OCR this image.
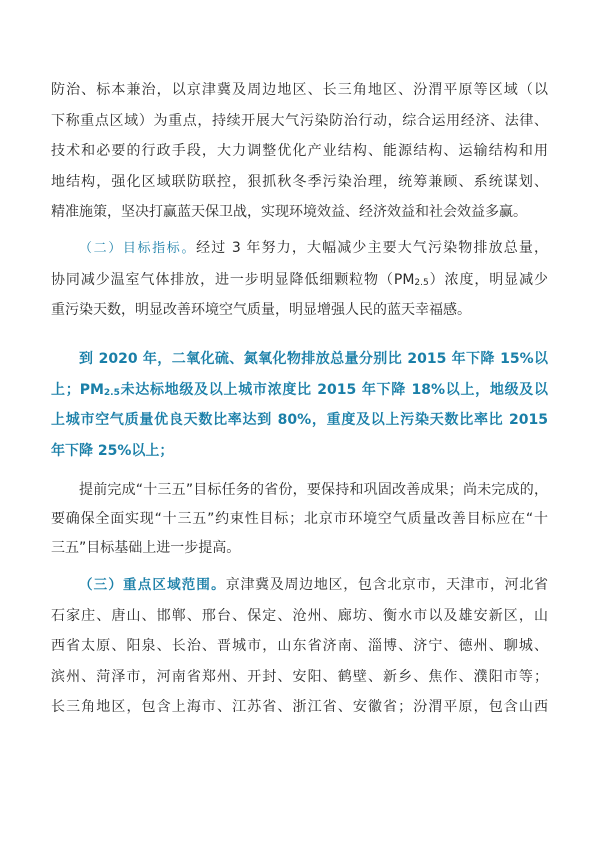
防治、标本兼治，以京津冀及周边地区、长三角地区、汾渭平原等区域（以
下称重点区域）为重点，持续开展大气污染防治行动，综合运用经济、法律、
技术和必要的行政手段，大力调整优化产业结构、能源结构、运输结构和用
地结构，强化区域联防联控，狠抓秋冬季污染治理，统筹兼顾、系统谋划、
精准施策，坚决打赢蓝天保卫战，实现环境效益、经济效益和社会效益多赢。
（二）目标指标。经过 3 年努力，大幅减少主要大气污染物排放总量，
协同减少温室气体排放，进一步明显降低细颗粒物$(PM_{2.5})$浓度，明显减少
重污染天数，明显改善环境空气质量，明显增强人民的蓝天幸福感。
到 2020 年，二氧化硫、氮氧化物排放总量分别比 2015 年下降 15%以
上；$PM_{2.5}$未达标地级及以上城市浓度比 2015 年下降 18%以上，地级及以
上城市空气质量优良天数比率达到 80%，重度及以上污染天数比率比 2015
年下降 25%以上；
提前完成“十三五”目标任务的省份，要保持和巩固改善成果；尚未完成的，
要确保全面实现“十三五”约束性目标；北京市环境空气质量改善目标应在“十
三五”目标基础上进一步提高。
（三）重点区域范围。京津冀及周边地区，包含北京市，天津市，河北省
石家庄、唐山、邯郸、邢台、保定、沧州、廊坊、衡水市以及雄安新区，山
西省太原、阳泉、长治、晋城市，山东省济南、淄博、济宁、德州、聊城、
滨州、菏泽市，河南省郑州、开封、安阳、鹤壁、新乡、焦作、濮阳市等；
长三角地区，包含上海市、江苏省、浙江省、安徽省；汾渭平原，包含山西
